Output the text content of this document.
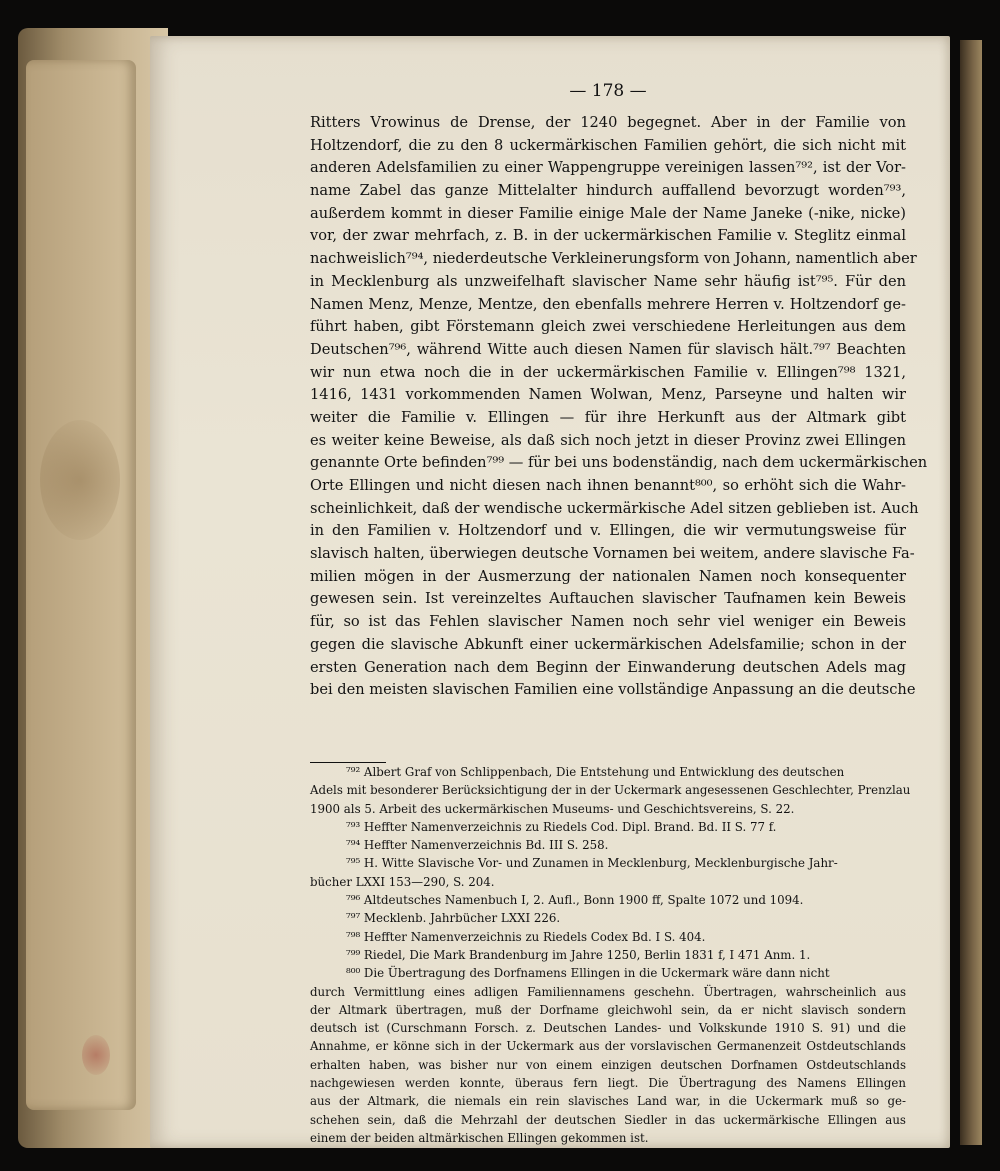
— 178 —
Ritters Vrowinus de Drense, der 1240 begegnet. Aber in der Familie von
Holtzendorf, die zu den 8 uckermärkischen Familien gehört, die sich nicht mit
anderen Adelsfamilien zu einer Wappengruppe vereinigen lassen⁷⁹², ist der Vor-
name Zabel das ganze Mittelalter hindurch auffallend bevorzugt worden⁷⁹³,
außerdem kommt in dieser Familie einige Male der Name Janeke (-nike, nicke)
vor, der zwar mehrfach, z. B. in der uckermärkischen Familie v. Steglitz einmal
nachweislich⁷⁹⁴, niederdeutsche Verkleinerungsform von Johann, namentlich aber
in Mecklenburg als unzweifelhaft slavischer Name sehr häufig ist⁷⁹⁵. Für den
Namen Menz, Menze, Mentze, den ebenfalls mehrere Herren v. Holtzendorf ge-
führt haben, gibt Förstemann gleich zwei verschiedene Herleitungen aus dem
Deutschen⁷⁹⁶, während Witte auch diesen Namen für slavisch hält.⁷⁹⁷ Beachten
wir nun etwa noch die in der uckermärkischen Familie v. Ellingen⁷⁹⁸ 1321,
1416, 1431 vorkommenden Namen Wolwan, Menz, Parseyne und halten wir
weiter die Familie v. Ellingen — für ihre Herkunft aus der Altmark gibt
es weiter keine Beweise, als daß sich noch jetzt in dieser Provinz zwei Ellingen
genannte Orte befinden⁷⁹⁹ — für bei uns bodenständig, nach dem uckermärkischen
Orte Ellingen und nicht diesen nach ihnen benannt⁸⁰⁰, so erhöht sich die Wahr-
scheinlichkeit, daß der wendische uckermärkische Adel sitzen geblieben ist. Auch
in den Familien v. Holtzendorf und v. Ellingen, die wir vermutungsweise für
slavisch halten, überwiegen deutsche Vornamen bei weitem, andere slavische Fa-
milien mögen in der Ausmerzung der nationalen Namen noch konsequenter
gewesen sein. Ist vereinzeltes Auftauchen slavischer Taufnamen kein Beweis
für, so ist das Fehlen slavischer Namen noch sehr viel weniger ein Beweis
gegen die slavische Abkunft einer uckermärkischen Adelsfamilie; schon in der
ersten Generation nach dem Beginn der Einwanderung deutschen Adels mag
bei den meisten slavischen Familien eine vollständige Anpassung an die deutsche
⁷⁹² Albert Graf von Schlippenbach, Die Entstehung und Entwicklung des deutschen
Adels mit besonderer Berücksichtigung der in der Uckermark angesessenen Geschlechter, Prenzlau
1900 als 5. Arbeit des uckermärkischen Museums- und Geschichtsvereins, S. 22.
⁷⁹³ Heffter Namenverzeichnis zu Riedels Cod. Dipl. Brand. Bd. II S. 77 f.
⁷⁹⁴ Heffter Namenverzeichnis Bd. III S. 258.
⁷⁹⁵ H. Witte Slavische Vor- und Zunamen in Mecklenburg, Mecklenburgische Jahr-
bücher LXXI 153—290, S. 204.
⁷⁹⁶ Altdeutsches Namenbuch I, 2. Aufl., Bonn 1900 ff, Spalte 1072 und 1094.
⁷⁹⁷ Mecklenb. Jahrbücher LXXI 226.
⁷⁹⁸ Heffter Namenverzeichnis zu Riedels Codex Bd. I S. 404.
⁷⁹⁹ Riedel, Die Mark Brandenburg im Jahre 1250, Berlin 1831 f, I 471 Anm. 1.
⁸⁰⁰ Die Übertragung des Dorfnamens Ellingen in die Uckermark wäre dann nicht
durch Vermittlung eines adligen Familiennamens geschehn. Übertragen, wahrscheinlich aus
der Altmark übertragen, muß der Dorfname gleichwohl sein, da er nicht slavisch sondern
deutsch ist (Curschmann Forsch. z. Deutschen Landes- und Volkskunde 1910 S. 91) und die
Annahme, er könne sich in der Uckermark aus der vorslavischen Germanenzeit Ostdeutschlands
erhalten haben, was bisher nur von einem einzigen deutschen Dorfnamen Ostdeutschlands
nachgewiesen werden konnte, überaus fern liegt. Die Übertragung des Namens Ellingen
aus der Altmark, die niemals ein rein slavisches Land war, in die Uckermark muß so ge-
schehen sein, daß die Mehrzahl der deutschen Siedler in das uckermärkische Ellingen aus
einem der beiden altmärkischen Ellingen gekommen ist.
